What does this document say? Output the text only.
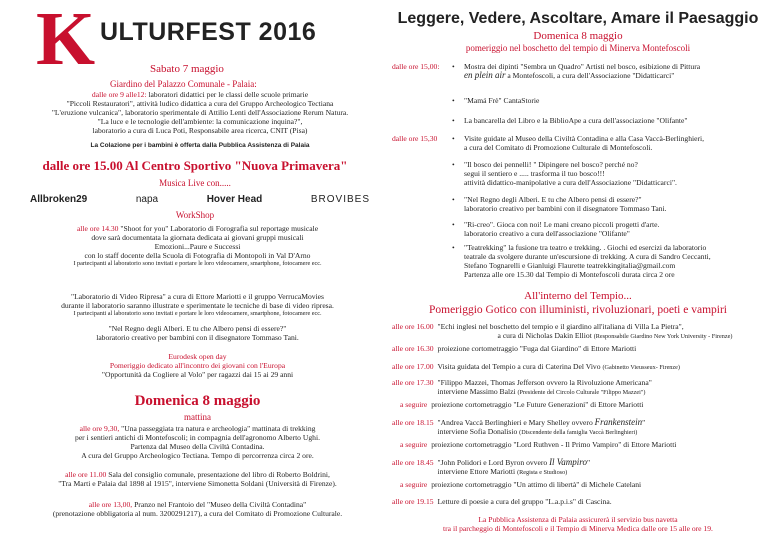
K ULTURFEST 2016
Sabato 7 maggio
Giardino del Palazzo Comunale - Palaia:
dalle ore 9 alle12: laboratori didattici per le classi delle scuole primarie
"Piccoli Restauratori", attività ludico didattica a cura del Gruppo Archeologico Tectiana
"L'eruzione vulcanica", laboratorio sperimentale di Attilio Lenti dell'Associazione Rerum Natura.
"La luce e le tecnologie dell'ambiente: la comunicazione inquina?",
laboratorio a cura di Luca Poti, Responsabile area ricerca, CNIT (Pisa)
La Colazione per i bambini è offerta dalla Pubblica Assistenza di Palaia
dalle ore 15.00 Al Centro Sportivo "Nuova Primavera"
Musica Live con.....
Allbroken29	napa	Hover Head	BROVIBES
WorkShop
alle ore 14.30 "Shoot for you" Laboratorio di Forografia sul reportage musicale
dove sarà documentata la giornata dedicata ai giovani gruppi musicali
Emozioni...Paure e Successi
con lo staff docente della Scuola di Fotografia di Montopoli in Val D'Arno
I partecipanti al laboratorio sono invitati e portare le loro videocamere, smartphone, fotocamere ecc.
"Laboratorio di Video Ripresa" a cura di Ettore Mariotti e il gruppo VerrucaMovies
durante il laboratorio saranno illustrate e sperimentate le tecniche di base di video ripresa.
I partecipanti al laboratorio sono invitati e portare le loro videocamere, smartphone, fotocamere ecc.
"Nel Regno degli Alberi. E tu che Albero pensi di essere?"
laboratorio creativo per bambini con il disegnatore Tommaso Tani.
Eurodesk open day
Pomeriggio dedicato all'incontro dei giovani con l'Europa
"Opportunità da Cogliere al Volo" per ragazzi dai 15 ai 29 anni
Domenica 8 maggio
mattina
alle ore 9,30, "Una passeggiata tra natura e archeologia" mattinata di trekking
per i sentieri antichi di Montefoscoli; in compagnia dell'agronomo Alberto Ughi.
Partenza dal Museo della Civiltà Contadina.
A cura del Gruppo Archeologico Tectiana. Tempo di percorrenza circa 2 ore.
alle ore 11.00 Sala del consiglio comunale, presentazione del libro di Roberto Boldrini,
"Tra Marti e Palaia dal 1898 al 1915", interviene Simonetta Soldani (Università di Firenze).
alle ore 13,00, Pranzo nel Frantoio del "Museo della Civiltà Contadina"
(prenotazione obbligatoria al num. 3200291217), a cura del Comitato di Promozione Culturale.
Leggere, Vedere, Ascoltare, Amare il Paesaggio
Domenica 8 maggio
pomeriggio nel boschetto del tempio di Minerva Montefoscoli
dalle ore 15,00:	•	Mostra dei dipinti "Sembra un Quadro" Artisti nel bosco, esibizione di Pittura
en plein air a Montefoscoli, a cura dell'Associazione "Didatticarci"
•	"Mamá Frè" CantaStorie
•	La bancarella del Libro e la BiblioApe a cura dell'associazione "Olifante"
dalle ore 15,30	•	Visite guidate al Museo della Civiltà Contadina e alla Casa Vaccà-Berlinghieri,
a cura del Comitato di Promozione Culturale di Montefoscoli.
•	"Il bosco dei pennelli! " Dipingere nel bosco? perché no?
segui il sentiero e ..... trasforma il tuo bosco!!!
attività didattico-manipolative a cura dell'Associazione "Didatticarci".
•	"Nel Regno degli Alberi. E tu che Albero pensi di essere?"
laboratorio creativo per bambini con il disegnatore Tommaso Tani.
•	"Ri-creo". Gioca con noi! Le mani creano piccoli progetti d'arte.
laboratorio creativo a cura dell'associazione "Olifante"
•	"Teatrekking" la fusione tra teatro e trekking. . Giochi ed esercizi da laboratorio
teatrale da svolgere durante un'escursione di trekking. A cura di Sandro Ceccanti,
Stefano Tognarelli e Gianluigi Flaurette teatrekkingitalia@gmail.com
Partenza alle ore 15.30 dal Tempio di Montefoscoli durata circa 2 ore
All'interno del Tempio...
Pomeriggio Gotico con illuministi, rivoluzionari, poeti e vampiri
alle ore 16.00 "Echi inglesi nel boschetto del tempio e il giardino all'italiana di Villa La Pietra",
a cura di Nicholas Dakin Elliot (Responsabile Giardino New York University - Firenze)
alle ore 16.30 proiezione cortometraggio "Fuga dal Giardino" di Ettore Mariotti
alle ore 17.00 Visita guidata del Tempio a cura di Caterina Del Vivo (Gabinetto Vieusseux- Firenze)
alle ore 17.30 "Filippo Mazzei, Thomas Jefferson ovvero la Rivoluzione Americana"
interviene Massimo Balzi (Presidente del Circolo Culturale "Filippo Mazzei")
a seguire proiezione cortometraggio "Le Future Generazioni" di Ettore Mariotti
alle ore 18.15 "Andrea Vaccà Berlinghieri e Mary Shelley ovvero Frankenstein"
interviene Sofia Donalisio (Discendente della famiglia Vaccà Berlinghieri)
a seguire proiezione cortometraggio "Lord Ruthven - Il Primo Vampiro" di Ettore Mariotti
alle ore 18.45 "John Polidori e Lord Byron ovvero Il Vampiro"
interviene Ettore Mariotti (Regista e Studioso)
a seguire proiezione cortometraggio "Un attimo di libertà" di Michele Catelani
alle ore 19.15 Letture di poesie a cura del gruppo "L.a.p.i.s" di Cascina.
La Pubblica Assistenza di Palaia assicurerà il servizio bus navetta
tra il parcheggio di Montefoscoli e il Tempio di Minerva Medica dalle ore 15 alle ore 19.
